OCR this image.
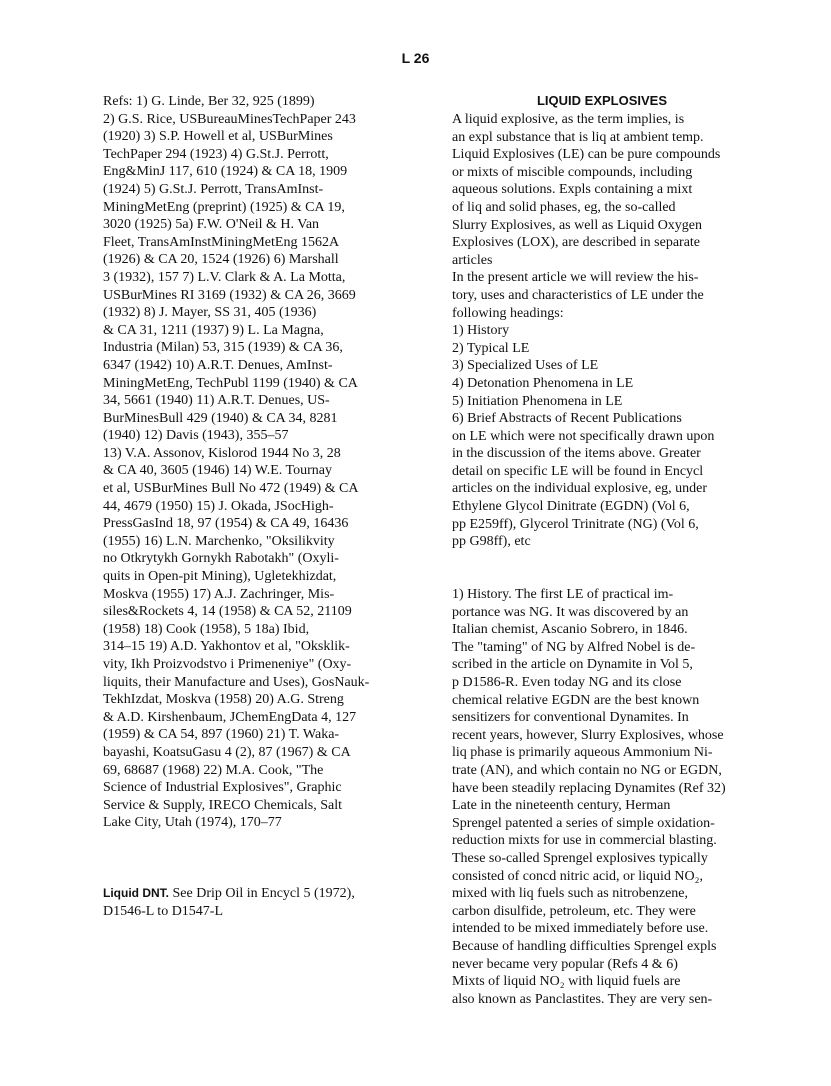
L 26
Refs: 1) G. Linde, Ber 32, 925 (1899)
2) G.S. Rice, USBureauMinesTechPaper 243
(1920) 3) S.P. Howell et al, USBurMines
TechPaper 294 (1923) 4) G.St.J. Perrott,
Eng&MinJ 117, 610 (1924) & CA 18, 1909
(1924) 5) G.St.J. Perrott, TransAmInst-
MiningMetEng (preprint) (1925) & CA 19,
3020 (1925) 5a) F.W. O'Neil & H. Van
Fleet, TransAmInstMiningMetEng 1562A
(1926) & CA 20, 1524 (1926) 6) Marshall
3 (1932), 157 7) L.V. Clark & A. La Motta,
USBurMines RI 3169 (1932) & CA 26, 3669
(1932) 8) J. Mayer, SS 31, 405 (1936)
& CA 31, 1211 (1937) 9) L. La Magna,
Industria (Milan) 53, 315 (1939) & CA 36,
6347 (1942) 10) A.R.T. Denues, AmInst-
MiningMetEng, TechPubl 1199 (1940) & CA
34, 5661 (1940) 11) A.R.T. Denues, US-
BurMinesBull 429 (1940) & CA 34, 8281
(1940) 12) Davis (1943), 355–57
13) V.A. Assonov, Kislorod 1944 No 3, 28
& CA 40, 3605 (1946) 14) W.E. Tournay
et al, USBurMines Bull No 472 (1949) & CA
44, 4679 (1950) 15) J. Okada, JSocHigh-
PressGasInd 18, 97 (1954) & CA 49, 16436
(1955) 16) L.N. Marchenko, "Oksilikvity
no Otkrytykh Gornykh Rabotakh" (Oxyli-
quits in Open-pit Mining), Ugletekhizdat,
Moskva (1955) 17) A.J. Zachringer, Mis-
siles&Rockets 4, 14 (1958) & CA 52, 21109
(1958) 18) Cook (1958), 5 18a) Ibid,
314–15 19) A.D. Yakhontov et al, "Oksklik-
vity, Ikh Proizvodstvo i Primeneniye" (Oxy-
liquits, their Manufacture and Uses), GosNauk-
TekhIzdat, Moskva (1958) 20) A.G. Streng
& A.D. Kirshenbaum, JChemEngData 4, 127
(1959) & CA 54, 897 (1960) 21) T. Waka-
bayashi, KoatsuGasu 4 (2), 87 (1967) & CA
69, 68687 (1968) 22) M.A. Cook, "The
Science of Industrial Explosives", Graphic
Service & Supply, IRECO Chemicals, Salt
Lake City, Utah (1974), 170–77
Liquid DNT. See Drip Oil in Encycl 5 (1972),
D1546-L to D1547-L
LIQUID EXPLOSIVES
A liquid explosive, as the term implies, is
an expl substance that is liq at ambient temp.
Liquid Explosives (LE) can be pure compounds
or mixts of miscible compounds, including
aqueous solutions. Expls containing a mixt
of liq and solid phases, eg, the so-called
Slurry Explosives, as well as Liquid Oxygen
Explosives (LOX), are described in separate
articles
In the present article we will review the his-
tory, uses and characteristics of LE under the
following headings:
1) History
2) Typical LE
3) Specialized Uses of LE
4) Detonation Phenomena in LE
5) Initiation Phenomena in LE
6) Brief Abstracts of Recent Publications
on LE which were not specifically drawn upon
in the discussion of the items above. Greater
detail on specific LE will be found in Encycl
articles on the individual explosive, eg, under
Ethylene Glycol Dinitrate (EGDN) (Vol 6,
pp E259ff), Glycerol Trinitrate (NG) (Vol 6,
pp G98ff), etc

1) History. The first LE of practical im-
portance was NG. It was discovered by an
Italian chemist, Ascanio Sobrero, in 1846.
The "taming" of NG by Alfred Nobel is de-
scribed in the article on Dynamite in Vol 5,
p D1586-R. Even today NG and its close
chemical relative EGDN are the best known
sensitizers for conventional Dynamites. In
recent years, however, Slurry Explosives, whose
liq phase is primarily aqueous Ammonium Ni-
trate (AN), and which contain no NG or EGDN,
have been steadily replacing Dynamites (Ref 32)
Late in the nineteenth century, Herman
Sprengel patented a series of simple oxidation-
reduction mixts for use in commercial blasting.
These so-called Sprengel explosives typically
consisted of concd nitric acid, or liquid NO₂,
mixed with liq fuels such as nitrobenzene,
carbon disulfide, petroleum, etc. They were
intended to be mixed immediately before use.
Because of handling difficulties Sprengel expls
never became very popular (Refs 4 & 6)
Mixts of liquid NO₂ with liquid fuels are
also known as Panclastites. They are very sen-
